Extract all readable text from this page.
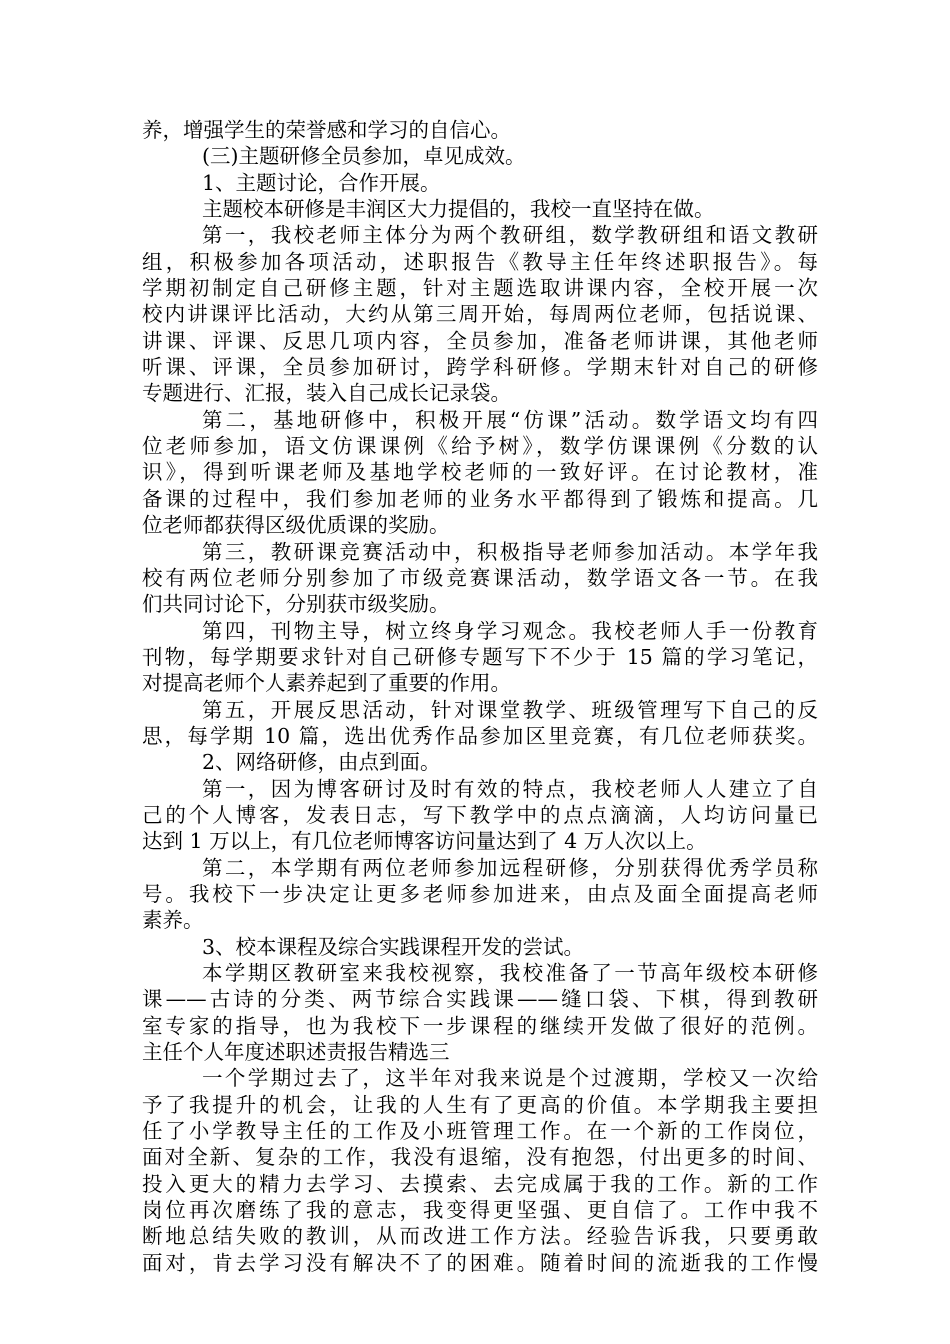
养，增强学生的荣誉感和学习的自信心。
(三)主题研修全员参加，卓见成效。
1、主题讨论，合作开展。
主题校本研修是丰润区大力提倡的，我校一直坚持在做。
第一，我校老师主体分为两个教研组，数学教研组和语文教研
组，积极参加各项活动，述职报告《教导主任年终述职报告》。每
学期初制定自己研修主题，针对主题选取讲课内容，全校开展一次
校内讲课评比活动，大约从第三周开始，每周两位老师，包括说课、
讲课、评课、反思几项内容，全员参加，准备老师讲课，其他老师
听课、评课，全员参加研讨，跨学科研修。学期末针对自己的研修
专题进行、汇报，装入自己成长记录袋。
第二，基地研修中，积极开展“仿课”活动。数学语文均有四
位老师参加，语文仿课课例《给予树》，数学仿课课例《分数的认
识》，得到听课老师及基地学校老师的一致好评。在讨论教材，准
备课的过程中，我们参加老师的业务水平都得到了锻炼和提高。几
位老师都获得区级优质课的奖励。
第三，教研课竞赛活动中，积极指导老师参加活动。本学年我
校有两位老师分别参加了市级竞赛课活动，数学语文各一节。在我
们共同讨论下，分别获市级奖励。
第四，刊物主导，树立终身学习观念。我校老师人手一份教育
刊物，每学期要求针对自己研修专题写下不少于 15 篇的学习笔记，
对提高老师个人素养起到了重要的作用。
第五，开展反思活动，针对课堂教学、班级管理写下自己的反
思，每学期 10 篇，选出优秀作品参加区里竞赛，有几位老师获奖。
2、网络研修，由点到面。
第一，因为博客研讨及时有效的特点，我校老师人人建立了自
己的个人博客，发表日志，写下教学中的点点滴滴，人均访问量已
达到 1 万以上，有几位老师博客访问量达到了 4 万人次以上。
第二，本学期有两位老师参加远程研修，分别获得优秀学员称
号。我校下一步决定让更多老师参加进来，由点及面全面提高老师
素养。
3、校本课程及综合实践课程开发的尝试。
本学期区教研室来我校视察，我校准备了一节高年级校本研修
课——古诗的分类、两节综合实践课——缝口袋、下棋，得到教研
室专家的指导，也为我校下一步课程的继续开发做了很好的范例。
主任个人年度述职述责报告精选三
一个学期过去了，这半年对我来说是个过渡期，学校又一次给
予了我提升的机会，让我的人生有了更高的价值。本学期我主要担
任了小学教导主任的工作及小班管理工作。在一个新的工作岗位，
面对全新、复杂的工作，我没有退缩，没有抱怨，付出更多的时间、
投入更大的精力去学习、去摸索、去完成属于我的工作。新的工作
岗位再次磨练了我的意志，我变得更坚强、更自信了。工作中我不
断地总结失败的教训，从而改进工作方法。经验告诉我，只要勇敢
面对，肯去学习没有解决不了的困难。随着时间的流逝我的工作慢
